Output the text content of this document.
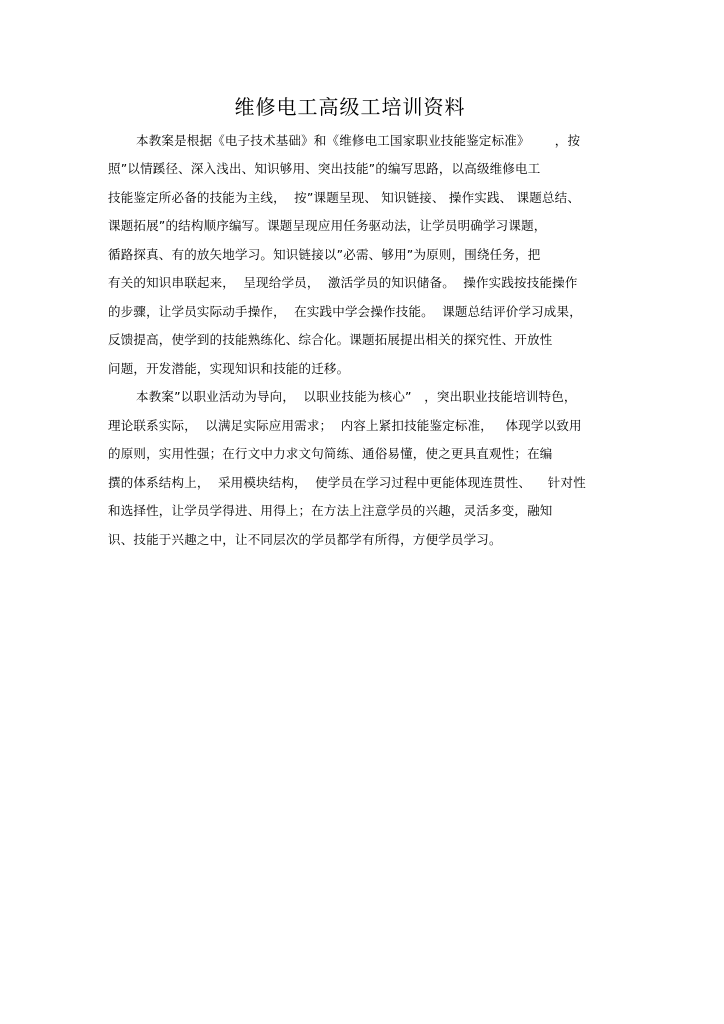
维修电工高级工培训资料
本教案是根据《电子技术基础》和《维修电工国家职业技能鉴定标准》      ，按
照”以情蹊径、深入浅出、知识够用、突出技能”的编写思路，以高级维修电工
技能鉴定所必备的技能为主线，  按”课题呈现、 知识链接、 操作实践、 课题总结、
课题拓展”的结构顺序编写。课题呈现应用任务驱动法，让学员明确学习课题，
循路探真、有的放矢地学习。知识链接以”必需、够用”为原则，围绕任务，把
有关的知识串联起来，  呈现给学员，  激活学员的知识储备。  操作实践按技能操作
的步骤，让学员实际动手操作，  在实践中学会操作技能。  课题总结评价学习成果，
反馈提高，使学到的技能熟练化、综合化。课题拓展提出相关的探究性、开放性
问题，开发潜能，实现知识和技能的迁移。
本教案”以职业活动为导向，  以职业技能为核心”   ，突出职业技能培训特色，
理论联系实际，  以满足实际应用需求；  内容上紧扣技能鉴定标准，   体现学以致用
的原则，实用性强；在行文中力求文句简练、通俗易懂，使之更具直观性；在编
撰的体系结构上，  采用模块结构，  使学员在学习过程中更能体现连贯性、    针对性
和选择性，让学员学得进、用得上；在方法上注意学员的兴趣，灵活多变，融知
识、技能于兴趣之中，让不同层次的学员都学有所得，方便学员学习。
